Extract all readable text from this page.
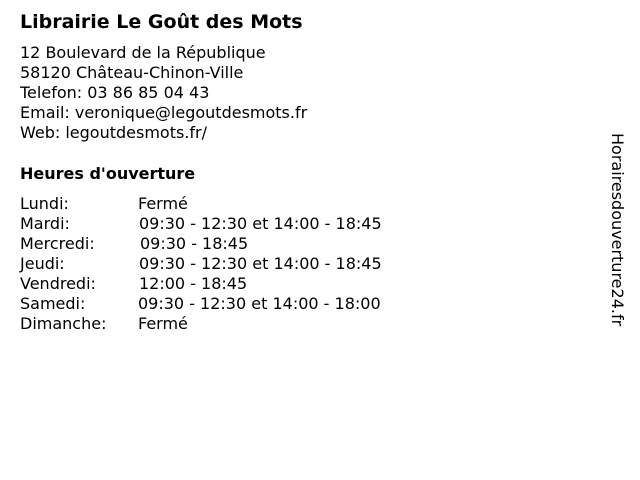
Librairie Le Goût des Mots
12 Boulevard de la République
58120 Château-Chinon-Ville
Telefon: 03 86 85 04 43
Email: veronique@legoutdesmots.fr
Web: legoutdesmots.fr/
Heures d'ouverture
Lundi:	Fermé
Mardi:	09:30 - 12:30 et 14:00 - 18:45
Mercredi:	09:30 - 18:45
Jeudi:	09:30 - 12:30 et 14:00 - 18:45
Vendredi:	12:00 - 18:45
Samedi:	09:30 - 12:30 et 14:00 - 18:00
Dimanche: Fermé	Horairesdouverture24.fr
